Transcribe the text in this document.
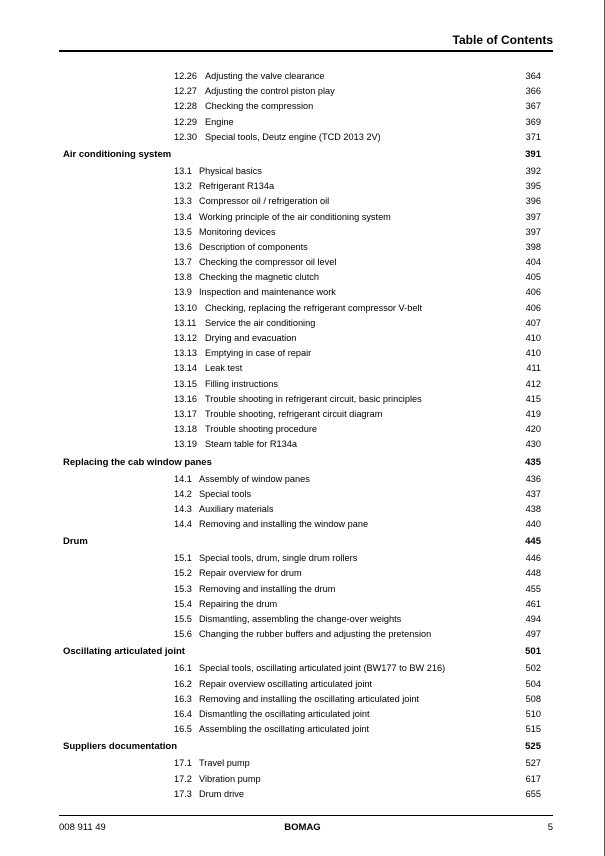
Table of Contents
12.26 Adjusting the valve clearance	364
12.27 Adjusting the control piston play	366
12.28 Checking the compression	367
12.29 Engine	369
12.30 Special tools, Deutz engine (TCD 2013 2V)	371
Air conditioning system	391
13.1 Physical basics	392
13.2 Refrigerant R134a	395
13.3 Compressor oil / refrigeration oil	396
13.4 Working principle of the air conditioning system	397
13.5 Monitoring devices	397
13.6 Description of components	398
13.7 Checking the compressor oil level	404
13.8 Checking the magnetic clutch	405
13.9 Inspection and maintenance work	406
13.10 Checking, replacing the refrigerant compressor V-belt	406
13.11 Service the air conditioning	407
13.12 Drying and evacuation	410
13.13 Emptying in case of repair	410
13.14 Leak test	411
13.15 Filling instructions	412
13.16 Trouble shooting in refrigerant circuit, basic principles	415
13.17 Trouble shooting, refrigerant circuit diagram	419
13.18 Trouble shooting procedure	420
13.19 Steam table for R134a	430
Replacing the cab window panes	435
14.1 Assembly of window panes	436
14.2 Special tools	437
14.3 Auxiliary materials	438
14.4 Removing and installing the window pane	440
Drum	445
15.1 Special tools, drum, single drum rollers	446
15.2 Repair overview for drum	448
15.3 Removing and installing the drum	455
15.4 Repairing the drum	461
15.5 Dismantling, assembling the change-over weights	494
15.6 Changing the rubber buffers and adjusting the pretension	497
Oscillating articulated joint	501
16.1 Special tools, oscillating articulated joint (BW177 to BW 216)	502
16.2 Repair overview oscillating articulated joint	504
16.3 Removing and installing the oscillating articulated joint	508
16.4 Dismantling the oscillating articulated joint	510
16.5 Assembling the oscillating articulated joint	515
Suppliers documentation	525
17.1 Travel pump	527
17.2 Vibration pump	617
17.3 Drum drive	655
008 911 49	BOMAG	5
